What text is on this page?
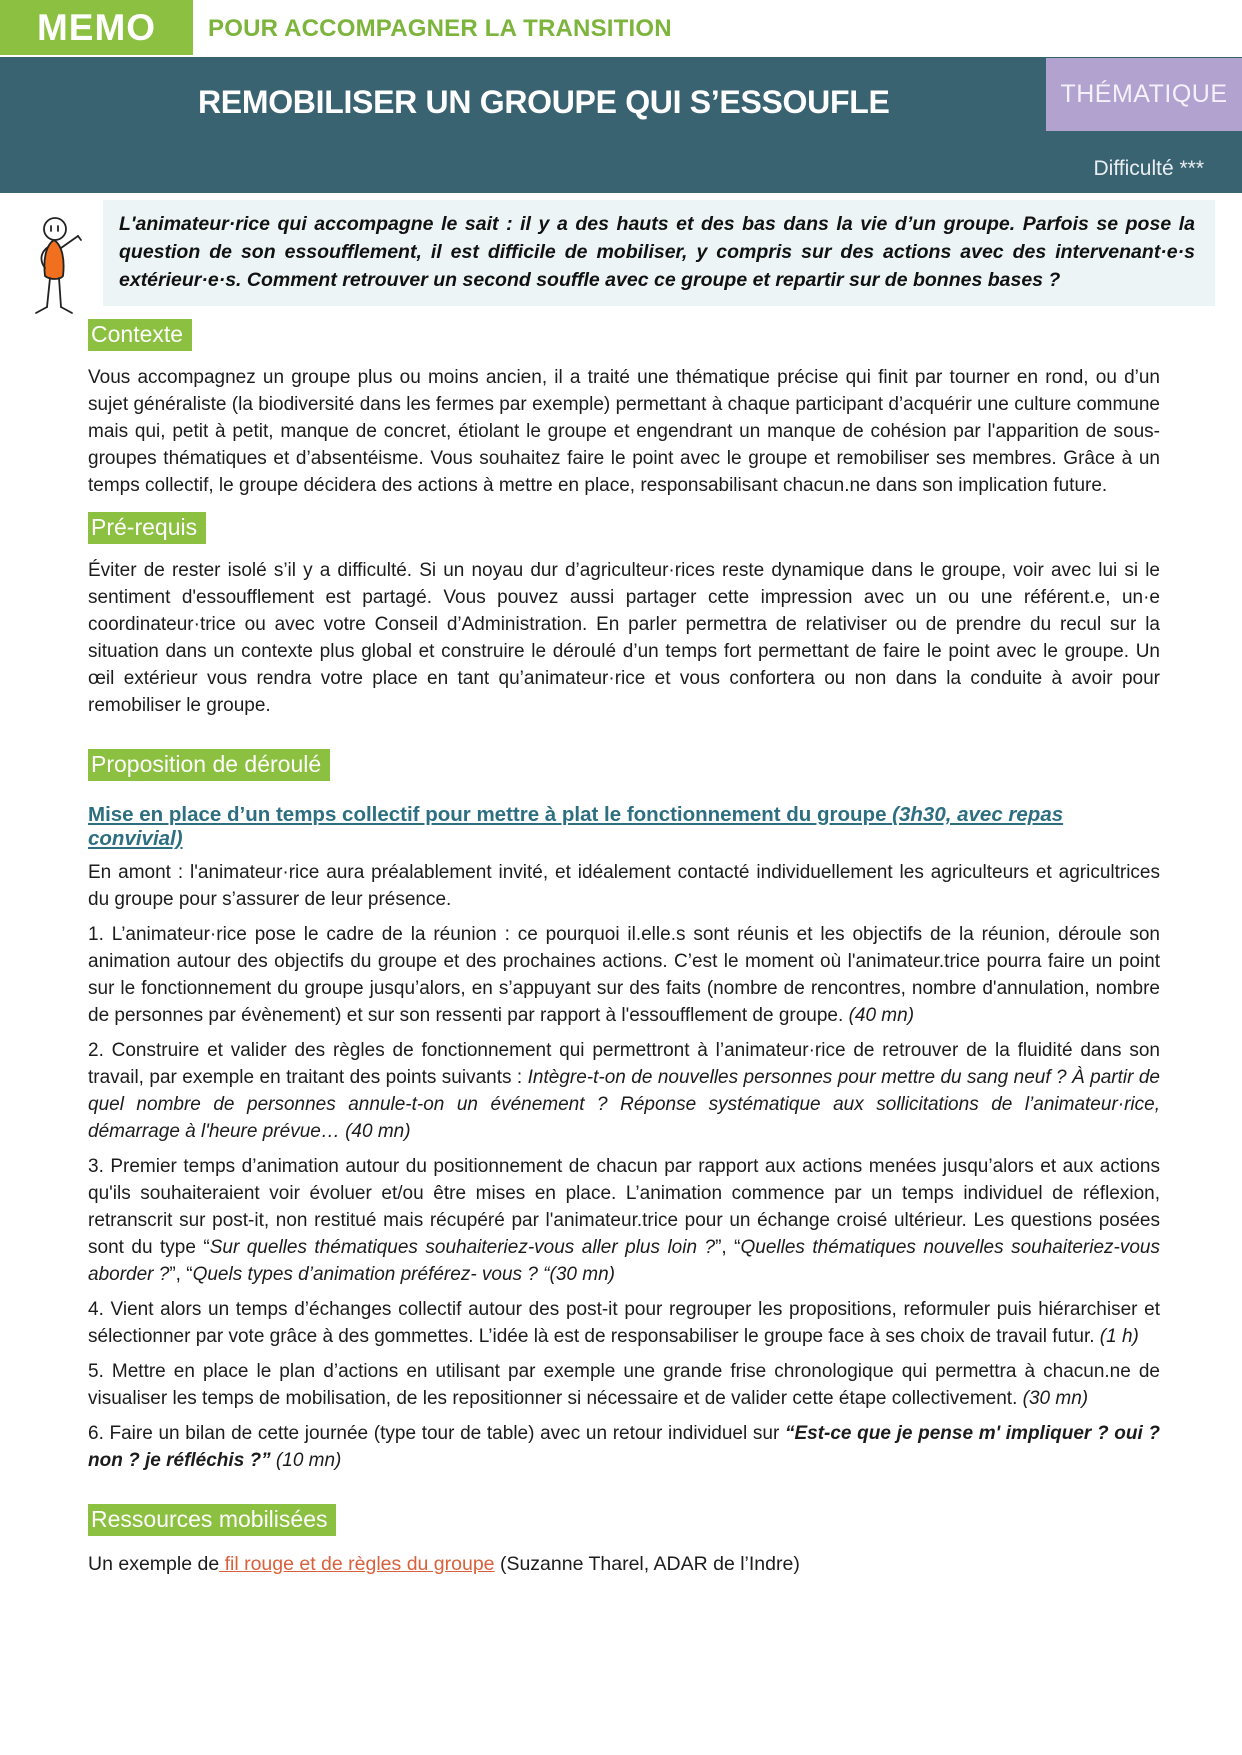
MEMO POUR ACCOMPAGNER LA TRANSITION
REMOBILISER UN GROUPE QUI S’ESSOUFLE	THÉMATIQUE
Difficulté ***
L'animateur·rice qui accompagne le sait : il y a des hauts et des bas dans la vie d’un groupe. Parfois se pose la question de son essoufflement, il est difficile de mobiliser, y compris sur des actions avec des intervenant·e·s extérieur·e·s. Comment retrouver un second souffle avec ce groupe et repartir sur de bonnes bases ?
Contexte

Vous accompagnez un groupe plus ou moins ancien, il a traité une thématique précise qui finit par tourner en rond, ou d’un sujet généraliste (la biodiversité dans les fermes par exemple) permettant à chaque participant d’acquérir une culture commune mais qui, petit à petit, manque de concret, étiolant le groupe et engendrant un manque de cohésion par l'apparition de sous-groupes thématiques et d’absentéisme. Vous souhaitez faire le point avec le groupe et remobiliser ses membres. Grâce à un temps collectif, le groupe décidera des actions à mettre en place, responsabilisant chacun.ne dans son implication future.

Pré-requis

Éviter de rester isolé s’il y a difficulté. Si un noyau dur d’agriculteur·rices reste dynamique dans le groupe, voir avec lui si le sentiment d'essoufflement est partagé. Vous pouvez aussi partager cette impression avec un ou une référent.e, un·e coordinateur·trice ou avec votre Conseil d’Administration. En parler permettra de relativiser ou de prendre du recul sur la situation dans un contexte plus global et construire le déroulé d’un temps fort permettant de faire le point avec le groupe. Un œil extérieur vous rendra votre place en tant qu’animateur·rice et vous confortera ou non dans la conduite à avoir pour remobiliser le groupe.

Proposition de déroulé
Mise en place d’un temps collectif pour mettre à plat le fonctionnement du groupe (3h30, avec repas convivial)

En amont : l'animateur·rice aura préalablement invité, et idéalement contacté individuellement les agriculteurs et agricultrices du groupe pour s’assurer de leur présence.

1. L’animateur·rice pose le cadre de la réunion : ce pourquoi il.elle.s sont réunis et les objectifs de la réunion, déroule son animation autour des objectifs du groupe et des prochaines actions. C’est le moment où l'animateur.trice pourra faire un point sur le fonctionnement du groupe jusqu’alors, en s’appuyant sur des faits (nombre de rencontres, nombre d'annulation, nombre de personnes par évènement) et sur son ressenti par rapport à l'essoufflement de groupe. (40 mn)

2. Construire et valider des règles de fonctionnement qui permettront à l’animateur·rice de retrouver de la fluidité dans son travail, par exemple en traitant des points suivants : Intègre-t-on de nouvelles personnes pour mettre du sang neuf ? À partir de quel nombre de personnes annule-t-on un événement ? Réponse systématique aux sollicitations de l’animateur·rice, démarrage à l'heure prévue… (40 mn)

3. Premier temps d’animation autour du positionnement de chacun par rapport aux actions menées jusqu’alors et aux actions qu'ils souhaiteraient voir évoluer et/ou être mises en place. L’animation commence par un temps individuel de réflexion, retranscrit sur post-it, non restitué mais récupéré par l'animateur.trice pour un échange croisé ultérieur. Les questions posées sont du type “Sur quelles thématiques souhaiteriez-vous aller plus loin ?”, “Quelles thématiques nouvelles souhaiteriez-vous aborder ?”, “Quels types d’animation préférez- vous ? “(30 mn)

4. Vient alors un temps d’échanges collectif autour des post-it pour regrouper les propositions, reformuler puis hiérarchiser et sélectionner par vote grâce à des gommettes. L’idée là est de responsabiliser le groupe face à ses choix de travail futur. (1 h)

5. Mettre en place le plan d’actions en utilisant par exemple une grande frise chronologique qui permettra à chacun.ne de visualiser les temps de mobilisation, de les repositionner si nécessaire et de valider cette étape collectivement. (30 mn)

6. Faire un bilan de cette journée (type tour de table) avec un retour individuel sur “Est-ce que je pense m' impliquer ? oui ? non ? je réfléchis ?” (10 mn)

Ressources mobilisées

Un exemple de fil rouge et de règles du groupe (Suzanne Tharel, ADAR de l’Indre)
